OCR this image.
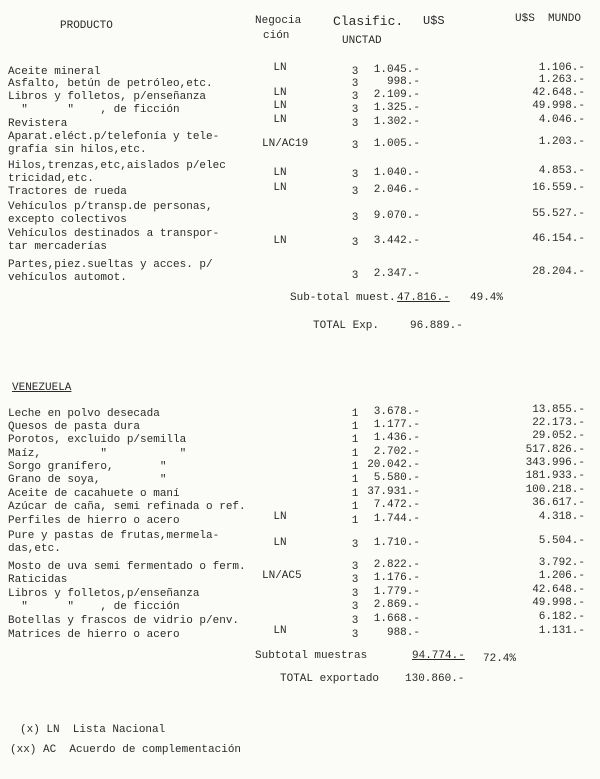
PRODUCTO	Negocia
ción
Clasific.
UNCTAD
U$S	U$S  MUNDO
Aceite mineral	LN	3	1.045.-	1.106.-
Asfalto, betún de petróleo,etc.	3	998.-	1.263.-
Libros y folletos, p/enseñanza	LN	3	2.109.-	42.648.-
"      "    , de ficción	LN	3	1.325.-	49.998.-
Revistera	LN	3	1.302.-	4.046.-
Aparat.eléct.p/telefonía y tele-
grafía sin hilos,etc.	LN/AC19	3	1.005.-	1.203.-
Hilos,trenzas,etc,aislados p/elec
tricidad,etc.	LN	3	1.040.-	4.853.-
Tractores de rueda	LN	3	2.046.-	16.559.-
Vehículos p/transp.de personas,
excepto colectivos	3	9.070.-	55.527.-
Vehículos destinados a transpor-
tar mercaderías	LN	3	3.442.-	46.154.-
Partes,piez.sueltas y acces. p/
vehículos automot.	3	2.347.-	28.204.-
Sub-total muest. 47.816.- 49.4%
TOTAL Exp.	96.889.-
VENEZUELA
Leche en polvo desecada	1	3.678.-	13.855.-
Quesos de pasta dura	1	1.177.-	22.173.-
Porotos, excluido p/semilla	1	1.436.-	29.052.-
Maíz,         "           "	1	2.702.-	517.826.-
Sorgo granífero,       "	1 20.042.-	343.996.-
Grano de soya,         "	1	5.580.-	181.933.-
Aceite de cacahuete o maní	1 37.931.-	100.218.-
Azúcar de caña, semi refinada o ref.	1	7.472.-	36.617.-
Perfiles de hierro o acero	LN	1	1.744.-	4.318.-
Pure y pastas de frutas,mermela-
das,etc.	LN	3	1.710.-	5.504.-
Mosto de uva semi fermentado o ferm.	3	2.822.-	3.792.-
Raticidas	LN/AC5	3	1.176.-	1.206.-
Libros y folletos,p/enseñanza	3	1.779.-	42.648.-
"      "    , de ficción	3	2.869.-	49.998.-
Botellas y frascos de vidrio p/env.	3	1.668.-	6.182.-
Matrices de hierro o acero	LN	3	988.-	1.131.-
Subtotal muestras	94.774.- 72.4%
TOTAL exportado 130.860.-
(x) LN  Lista Nacional
(xx) AC  Acuerdo de complementación
